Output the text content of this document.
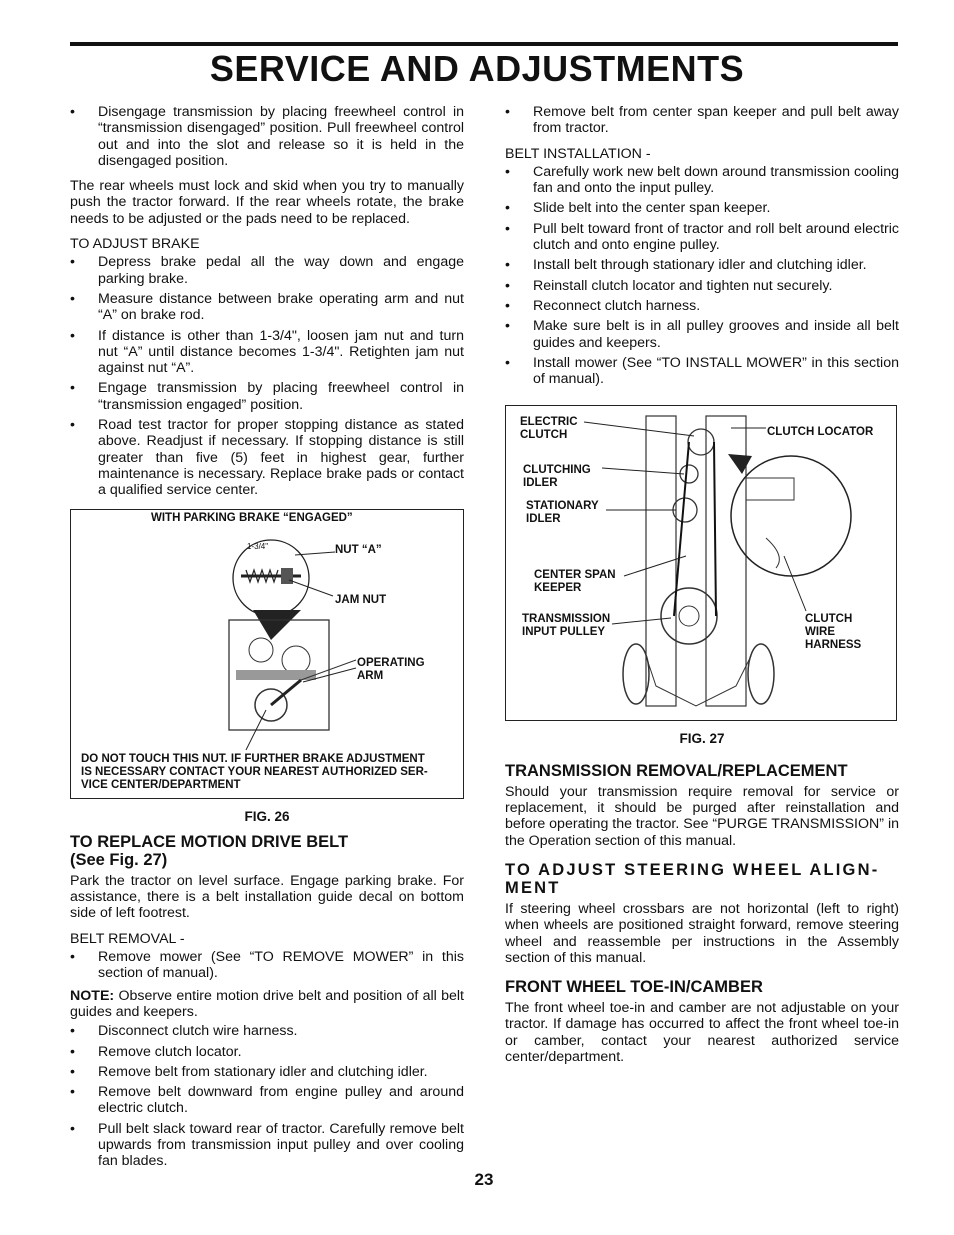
SERVICE AND ADJUSTMENTS
• Disengage transmission by placing freewheel control in “transmission disengaged” position. Pull freewheel control out and into the slot and release so it is held in the disengaged position.

The rear wheels must lock and skid when you try to manually push the tractor forward. If the rear wheels rotate, the brake needs to be adjusted or the pads need to be replaced.

TO ADJUST BRAKE
• Depress brake pedal all the way down and engage parking brake.
• Measure distance between brake operating arm and nut “A” on brake rod.
• If distance is other than 1-3/4", loosen jam nut and turn nut “A” until distance becomes 1-3/4". Retighten jam nut against nut “A”.
• Engage transmission by placing freewheel control in “transmission engaged” position.
• Road test tractor for proper stopping distance as stated above. Readjust if necessary. If stopping distance is still greater than five (5) feet in highest gear, further maintenance is necessary. Replace brake pads or contact a qualified service center.
WITH PARKING BRAKE “ENGAGED”
1-3/4"	NUT “A”
JAM NUT
OPERATING
ARM
DO NOT TOUCH THIS NUT. IF FURTHER BRAKE ADJUSTMENT
IS NECESSARY CONTACT YOUR NEAREST AUTHORIZED SER-
VICE CENTER/DEPARTMENT
FIG. 26
TO REPLACE MOTION DRIVE BELT
(See Fig. 27)

Park the tractor on level surface. Engage parking brake. For assistance, there is a belt installation guide decal on bottom side of left footrest.

BELT REMOVAL -
• Remove mower (See “TO REMOVE MOWER” in this section of manual).

NOTE: Observe entire motion drive belt and position of all belt guides and keepers.

• Disconnect clutch wire harness.
• Remove clutch locator.
• Remove belt from stationary idler and clutching idler.
• Remove belt downward from engine pulley and around electric clutch.
• Pull belt slack toward rear of tractor. Carefully remove belt upwards from transmission input pulley and over cooling fan blades.
• Remove belt from center span keeper and pull belt away from tractor.
BELT INSTALLATION -
• Carefully work new belt down around transmission cooling fan and onto the input pulley.
• Slide belt into the center span keeper.
• Pull belt toward front of tractor and roll belt around electric clutch and onto engine pulley.
• Install belt through stationary idler and clutching idler.
• Reinstall clutch locator and tighten nut securely.
• Reconnect clutch harness.
• Make sure belt is in all pulley grooves and inside all belt guides and keepers.
• Install mower (See “TO INSTALL MOWER” in this section of manual).
ELECTRIC
CLUTCH	CLUTCH LOCATOR
CLUTCHING
IDLER
STATIONARY
IDLER
CENTER SPAN
KEEPER
TRANSMISSION
INPUT PULLEY
CLUTCH
WIRE
HARNESS
FIG. 27
TRANSMISSION REMOVAL/REPLACEMENT

Should your transmission require removal for service or replacement, it should be purged after reinstallation and before operating the tractor. See “PURGE TRANSMISSION” in the Operation section of this manual.

TO ADJUST STEERING WHEEL ALIGN-MENT

If steering wheel crossbars are not horizontal (left to right) when wheels are positioned straight forward, remove steering wheel and reassemble per instructions in the Assembly section of this manual.

FRONT WHEEL TOE-IN/CAMBER

The front wheel toe-in and camber are not adjustable on your tractor. If damage has occurred to affect the front wheel toe-in or camber, contact your nearest authorized service center/department.

23
